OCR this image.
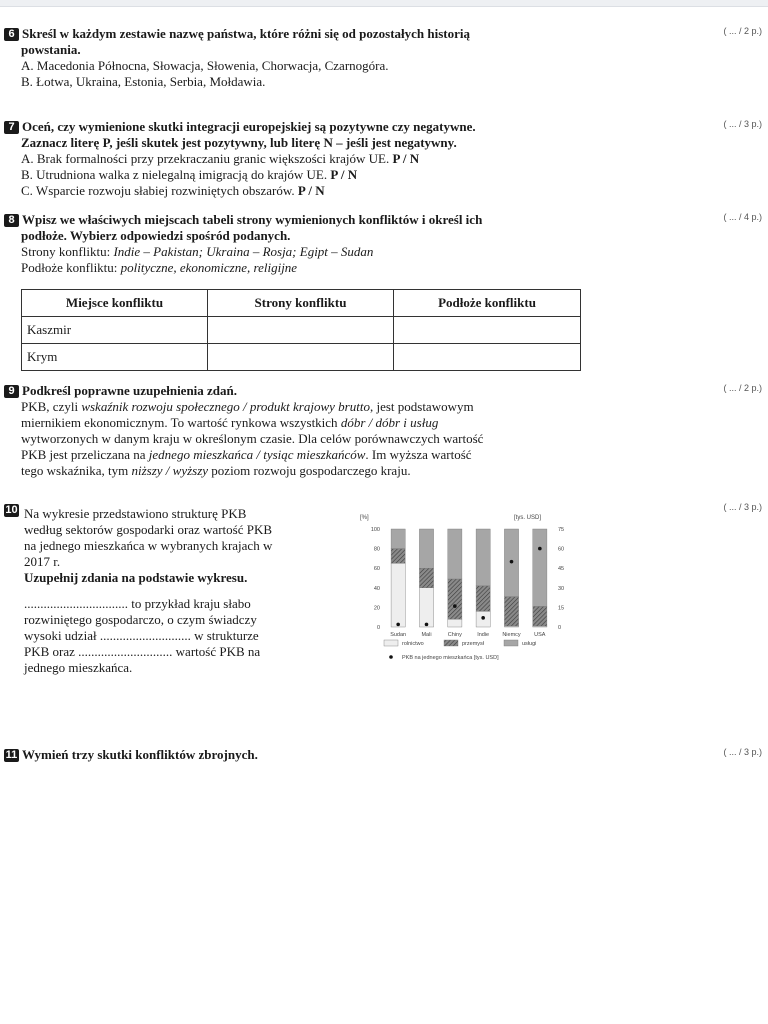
6 Skreśl w każdym zestawie nazwę państwa, które różni się od pozostałych historią
powstania.
A. Macedonia Północna, Słowacja, Słowenia, Chorwacja, Czarnogóra.
B. Łotwa, Ukraina, Estonia, Serbia, Mołdawia.
( ... / 2 p.)
7 Oceń, czy wymienione skutki integracji europejskiej są pozytywne czy negatywne.
Zaznacz literę P, jeśli skutek jest pozytywny, lub literę N – jeśli jest negatywny.
A. Brak formalności przy przekraczaniu granic większości krajów UE. P / N
B. Utrudniona walka z nielegalną imigracją do krajów UE. P / N
C. Wsparcie rozwoju słabiej rozwiniętych obszarów. P / N
( ... / 3 p.)
8 Wpisz we właściwych miejscach tabeli strony wymienionych konfliktów i określ ich
podłoże. Wybierz odpowiedzi spośród podanych.
Strony konfliktu: Indie – Pakistan; Ukraina – Rosja; Egipt – Sudan
Podłoże konfliktu: polityczne, ekonomiczne, religijne
Miejsce konfliktu	Strony konfliktu	Podłoże konfliktu
Kaszmir		
Krym		
( ... / 4 p.)
9 Podkreśl poprawne uzupełnienia zdań.
PKB, czyli wskaźnik rozwoju społecznego / produkt krajowy brutto, jest podstawowym
miernikiem ekonomicznym. To wartość rynkowa wszystkich dóbr / dóbr i usług
wytworzonych w danym kraju w określonym czasie. Dla celów porównawczych wartość
PKB jest przeliczana na jednego mieszkańca / tysiąc mieszkańców. Im wyższa wartość
tego wskaźnika, tym niższy / wyższy poziom rozwoju gospodarczego kraju.
( ... / 2 p.)
10 Na wykresie przedstawiono strukturę PKB
według sektorów gospodarki oraz wartość PKB
na jednego mieszkańca w wybranych krajach w
2017 r.
Uzupełnij zdania na podstawie wykresu.
................................ to przykład kraju słabo
rozwiniętego gospodarczo, o czym świadczy
wysoki udział ............................ w strukturze
PKB oraz ............................. wartość PKB na
jednego mieszkańca.
[%]	[tys. USD]
100
80
60
40
20
0
75
60
45
30
15
0
Sudan	Mali	Chiny	Indie Niemcy USA
rolnictwo	przemysł	usługi
PKB na jednego mieszkańca [tys. USD]
( ... / 3 p.)
11 Wymień trzy skutki konfliktów zbrojnych.	( ... / 3 p.)
